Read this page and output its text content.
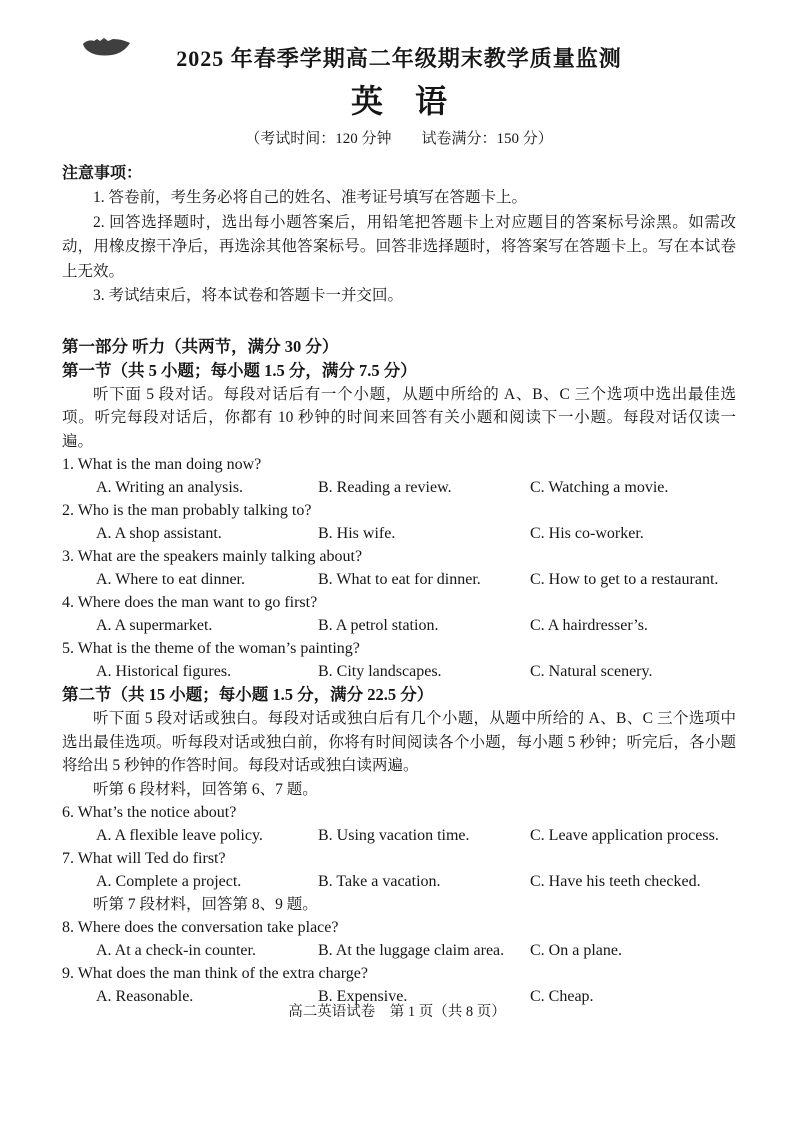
2025 年春季学期高二年级期末教学质量监测
英　语
（考试时间：120 分钟　　试卷满分：150 分）
注意事项：

1. 答卷前，考生务必将自己的姓名、准考证号填写在答题卡上。

2. 回答选择题时，选出每小题答案后，用铅笔把答题卡上对应题目的答案标号涂黑。如需改动，用橡皮擦干净后，再选涂其他答案标号。回答非选择题时，将答案写在答题卡上。写在本试卷上无效。

3. 考试结束后，将本试卷和答题卡一并交回。

第一部分 听力（共两节，满分 30 分）
第一节（共 5 小题；每小题 1.5 分，满分 7.5 分）

听下面 5 段对话。每段对话后有一个小题，从题中所给的 A、B、C 三个选项中选出最佳选项。听完每段对话后，你都有 10 秒钟的时间来回答有关小题和阅读下一小题。每段对话仅读一遍。

1. What is the man doing now?
A. Writing an analysis.	B. Reading a review.	C. Watching a movie.
2. Who is the man probably talking to?
A. A shop assistant.	B. His wife.	C. His co-worker.
3. What are the speakers mainly talking about?
A. Where to eat dinner.	B. What to eat for dinner.	C. How to get to a restaurant.
4. Where does the man want to go first?
A. A supermarket.	B. A petrol station.	C. A hairdresser’s.
5. What is the theme of the woman’s painting?
A. Historical figures.	B. City landscapes.	C. Natural scenery.
第二节（共 15 小题；每小题 1.5 分，满分 22.5 分）

听下面 5 段对话或独白。每段对话或独白后有几个小题，从题中所给的 A、B、C 三个选项中选出最佳选项。听每段对话或独白前，你将有时间阅读各个小题，每小题 5 秒钟；听完后，各小题将给出 5 秒钟的作答时间。每段对话或独白读两遍。

听第 6 段材料，回答第 6、7 题。

6. What’s the notice about?
A. A flexible leave policy.	B. Using vacation time.	C. Leave application process.
7. What will Ted do first?
A. Complete a project.	B. Take a vacation.	C. Have his teeth checked.

听第 7 段材料，回答第 8、9 题。

8. Where does the conversation take place?
A. At a check-in counter.	B. At the luggage claim area.	C. On a plane.
9. What does the man think of the extra charge?
A. Reasonable.	B. Expensive.	C. Cheap.
高二英语试卷　第 1 页（共 8 页）
